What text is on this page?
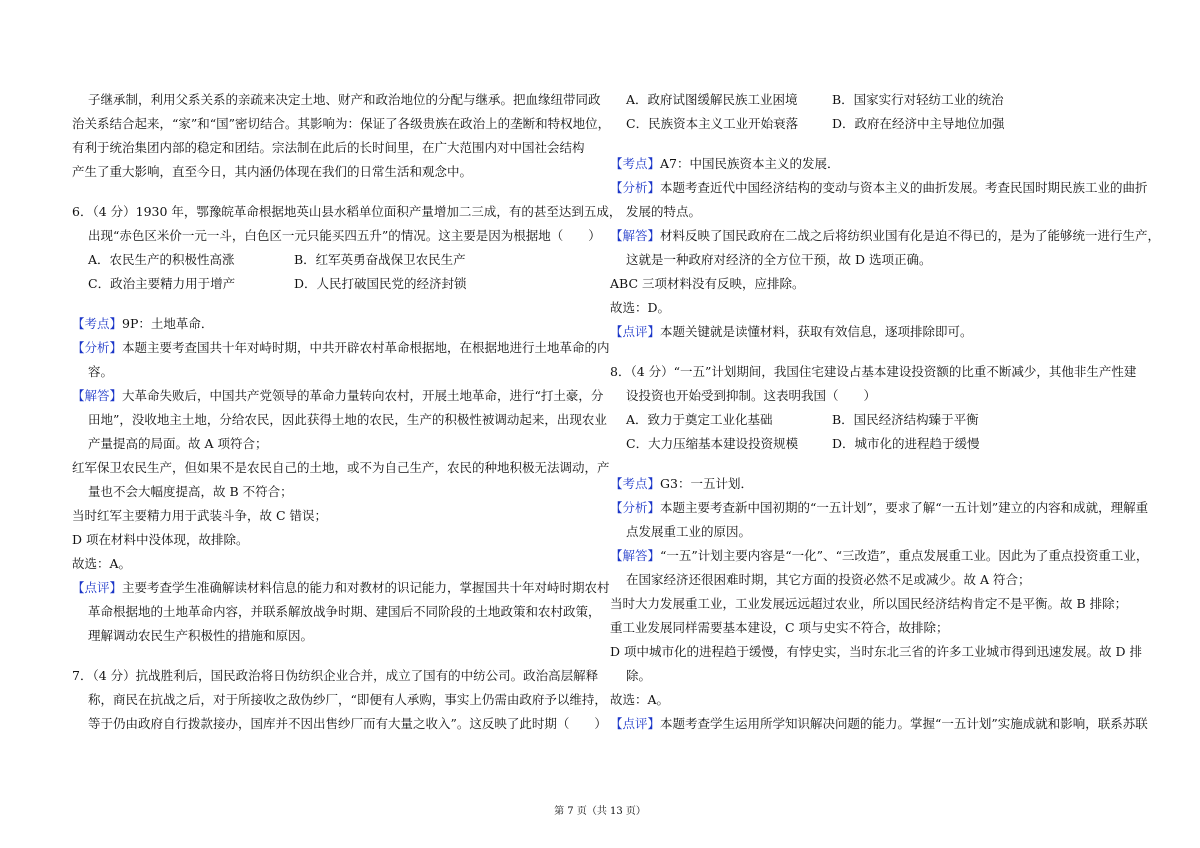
子继承制，利用父系关系的亲疏来决定土地、财产和政治地位的分配与继承。把血缘纽带同政
治关系结合起来，“家”和“国”密切结合。其影响为：保证了各级贵族在政治上的垄断和特权地位，
有利于统治集团内部的稳定和团结。宗法制在此后的长时间里，在广大范围内对中国社会结构
产生了重大影响，直至今日，其内涵仍体现在我们的日常生活和观念中。
6．（4 分）1930 年，鄂豫皖革命根据地英山县水稻单位面积产量增加二三成，有的甚至达到五成，
出现“赤色区米价一元一斗，白色区一元只能买四五升”的情况。这主要是因为根据地（　　）
A．农民生产的积极性高涨	B．红军英勇奋战保卫农民生产
C．政治主要精力用于增产	D．人民打破国民党的经济封锁
【考点】9P：土地革命．
【分析】本题主要考查国共十年对峙时期，中共开辟农村革命根据地，在根据地进行土地革命的内
容。
【解答】大革命失败后，中国共产党领导的革命力量转向农村，开展土地革命，进行“打土豪，分
田地”，没收地主土地，分给农民，因此获得土地的农民，生产的积极性被调动起来，出现农业
产量提高的局面。故 A 项符合；
红军保卫农民生产，但如果不是农民自己的土地，或不为自己生产，农民的种地积极无法调动，产
量也不会大幅度提高，故 B 不符合；
当时红军主要精力用于武装斗争，故 C 错误；
D 项在材料中没体现，故排除。
故选：A。
【点评】主要考查学生准确解读材料信息的能力和对教材的识记能力，掌握国共十年对峙时期农村
革命根据地的土地革命内容，并联系解放战争时期、建国后不同阶段的土地政策和农村政策，
理解调动农民生产积极性的措施和原因。
7．（4 分）抗战胜利后，国民政治将日伪纺织企业合并，成立了国有的中纺公司。政治高层解释
称，商民在抗战之后，对于所接收之敌伪纱厂，“即便有人承购，事实上仍需由政府予以维持，
等于仍由政府自行拨款接办，国库并不因出售纱厂而有大量之收入”。这反映了此时期（　　）
A．政府试图缓解民族工业困境	B．国家实行对轻纺工业的统治
C．民族资本主义工业开始衰落	D．政府在经济中主导地位加强
【考点】A7：中国民族资本主义的发展．
【分析】本题考查近代中国经济结构的变动与资本主义的曲折发展。考查民国时期民族工业的曲折
发展的特点。
【解答】材料反映了国民政府在二战之后将纺织业国有化是迫不得已的，是为了能够统一进行生产，
这就是一种政府对经济的全方位干预，故 D 选项正确。
ABC 三项材料没有反映，应排除。
故选：D。
【点评】本题关键就是读懂材料，获取有效信息，逐项排除即可。
8．（4 分）“一五”计划期间，我国住宅建设占基本建设投资额的比重不断减少，其他非生产性建
设投资也开始受到抑制。这表明我国（　　）
A．致力于奠定工业化基础	B．国民经济结构臻于平衡
C．大力压缩基本建设投资规模	D．城市化的进程趋于缓慢
【考点】G3：一五计划．
【分析】本题主要考查新中国初期的“一五计划”，要求了解“一五计划”建立的内容和成就，理解重
点发展重工业的原因。
【解答】“一五”计划主要内容是“一化”、“三改造”，重点发展重工业。因此为了重点投资重工业，
在国家经济还很困难时期，其它方面的投资必然不足或减少。故 A 符合；
当时大力发展重工业，工业发展远远超过农业，所以国民经济结构肯定不是平衡。故 B 排除；
重工业发展同样需要基本建设，C 项与史实不符合，故排除；
D 项中城市化的进程趋于缓慢，有悖史实，当时东北三省的许多工业城市得到迅速发展。故 D 排
除。
故选：A。
【点评】本题考查学生运用所学知识解决问题的能力。掌握“一五计划”实施成就和影响，联系苏联
第 7 页（共 13 页）
